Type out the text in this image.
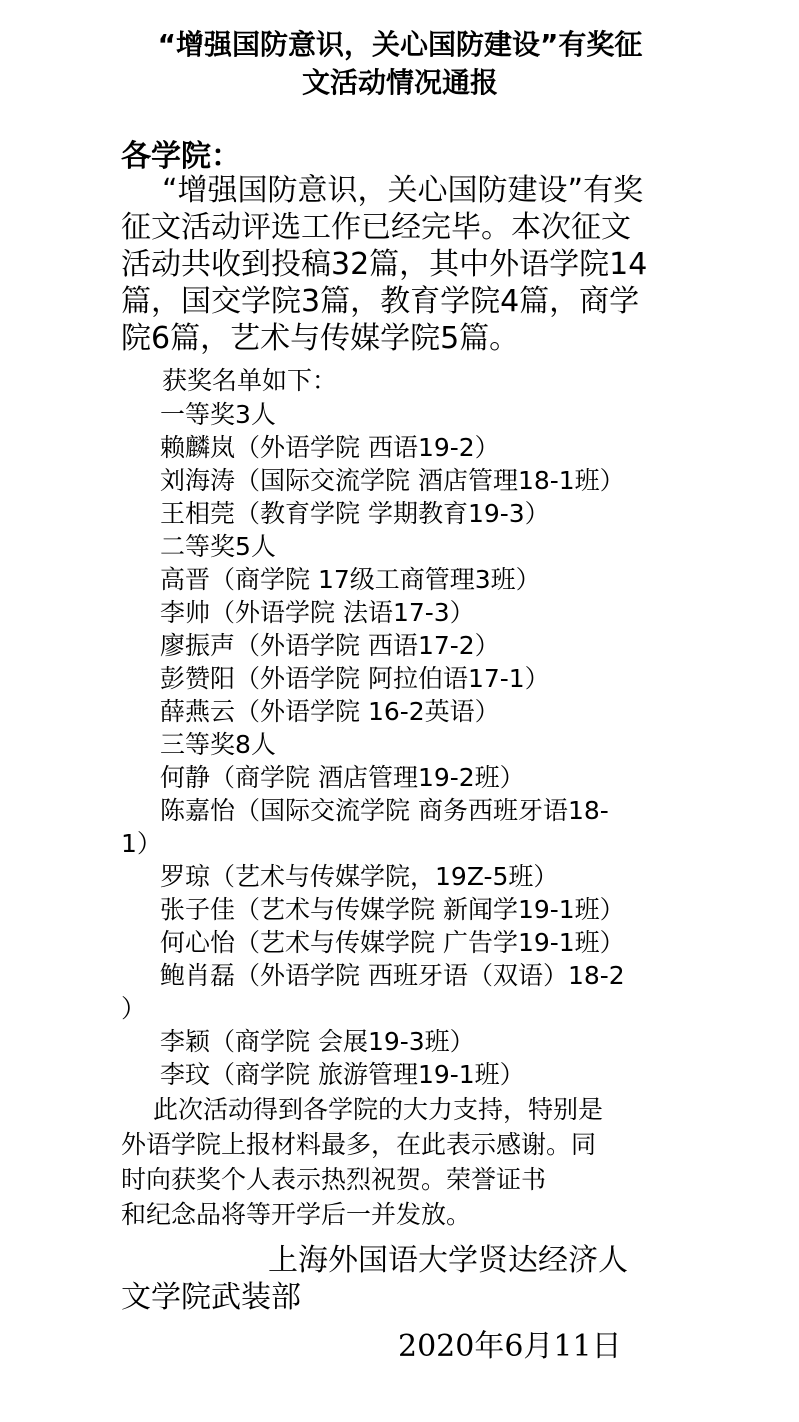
“增强国防意识，关心国防建设”有奖征
文活动情况通报
各学院：
“增强国防意识，关心国防建设”有奖
征文活动评选工作已经完毕。本次征文
活动共收到投稿32篇，其中外语学院14
篇，国交学院3篇，教育学院4篇，商学
院6篇，艺术与传媒学院5篇。
获奖名单如下：
一等奖3人
赖麟岚（外语学院 西语19-2）
刘海涛（国际交流学院 酒店管理18-1班）
王相莞（教育学院 学期教育19-3）
二等奖5人
高晋（商学院 17级工商管理3班）
李帅（外语学院 法语17-3）
廖振声（外语学院 西语17-2）
彭赞阳（外语学院 阿拉伯语17-1）
薛燕云（外语学院 16-2英语）
三等奖8人
何静（商学院 酒店管理19-2班）
陈嘉怡（国际交流学院 商务西班牙语18-
1）
罗琼（艺术与传媒学院，19Z-5班）
张子佳（艺术与传媒学院 新闻学19-1班）
何心怡（艺术与传媒学院 广告学19-1班）
鲍肖磊（外语学院 西班牙语（双语）18-2
）
李颖（商学院 会展19-3班）
李玟（商学院 旅游管理19-1班）
此次活动得到各学院的大力支持，特别是
外语学院上报材料最多，在此表示感谢。同
时向获奖个人表示热烈祝贺。荣誉证书
和纪念品将等开学后一并发放。
上海外国语大学贤达经济人
文学院武装部
2020年6月11日
